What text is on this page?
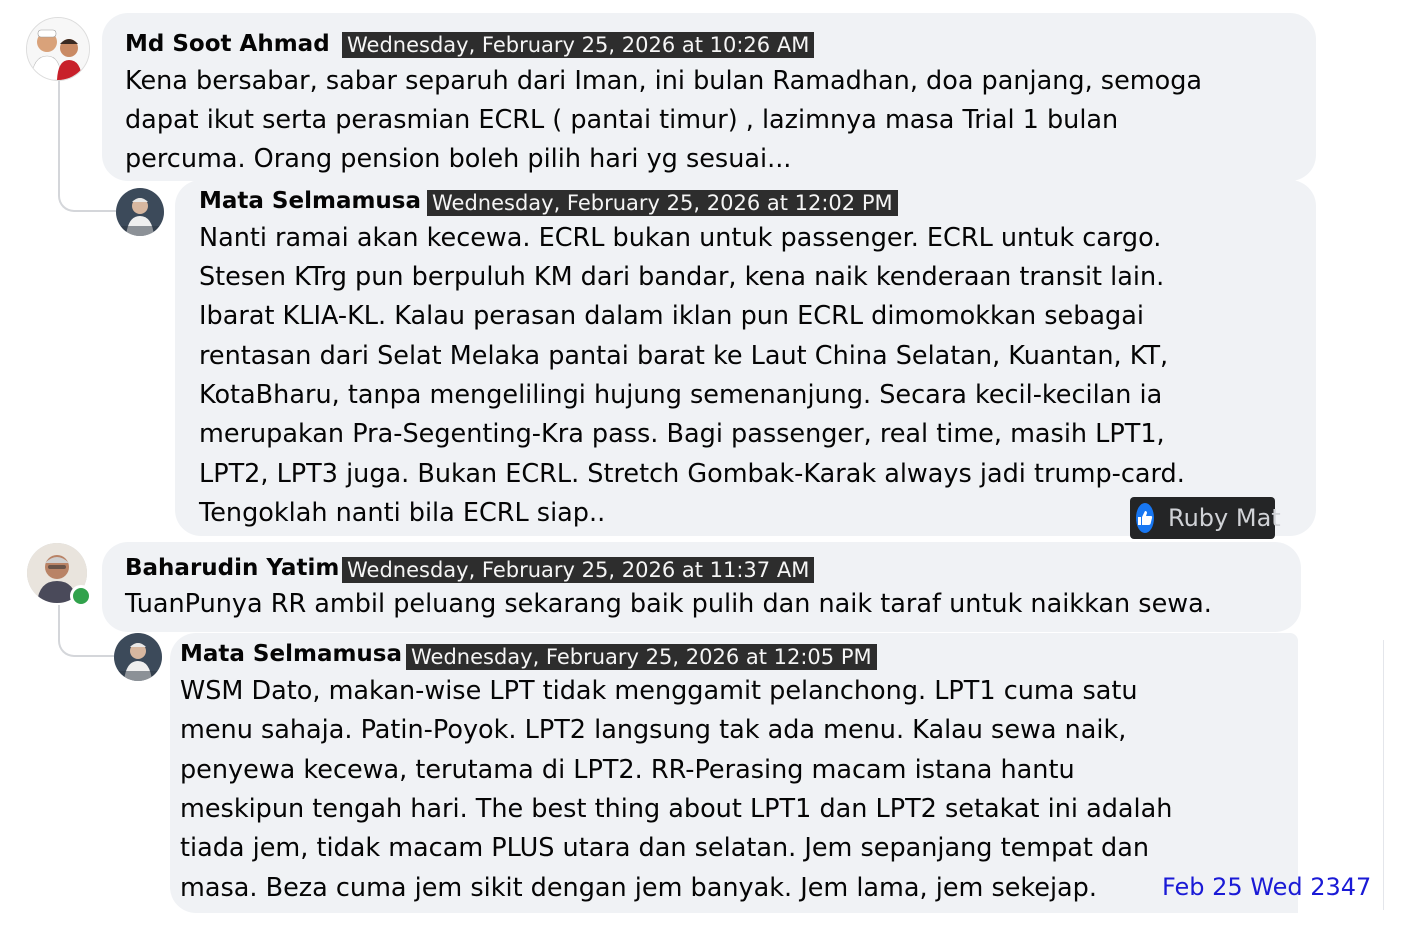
Md Soot Ahmad Wednesday, February 25, 2026 at 10:26 AM
Kena bersabar, sabar separuh dari Iman, ini bulan Ramadhan, doa panjang, semoga
dapat ikut serta perasmian ECRL ( pantai timur) , lazimnya masa Trial 1 bulan
percuma. Orang pension boleh pilih hari yg sesuai...
Mata Selmamusa Wednesday, February 25, 2026 at 12:02 PM
Nanti ramai akan kecewa. ECRL bukan untuk passenger. ECRL untuk cargo.
Stesen KTrg pun berpuluh KM dari bandar, kena naik kenderaan transit lain.
Ibarat KLIA-KL. Kalau perasan dalam iklan pun ECRL dimomokkan sebagai
rentasan dari Selat Melaka pantai barat ke Laut China Selatan, Kuantan, KT,
KotaBharu, tanpa mengelilingi hujung semenanjung. Secara kecil-kecilan ia
merupakan Pra-Segenting-Kra pass. Bagi passenger, real time, masih LPT1,
LPT2, LPT3 juga. Bukan ECRL. Stretch Gombak-Karak always jadi trump-card.
Tengoklah nanti bila ECRL siap..	Ruby Mat
Baharudin Yatim Wednesday, February 25, 2026 at 11:37 AM
TuanPunya RR ambil peluang sekarang baik pulih dan naik taraf untuk naikkan sewa.
Mata Selmamusa Wednesday, February 25, 2026 at 12:05 PM
WSM Dato, makan-wise LPT tidak menggamit pelanchong. LPT1 cuma satu
menu sahaja. Patin-Poyok. LPT2 langsung tak ada menu. Kalau sewa naik,
penyewa kecewa, terutama di LPT2. RR-Perasing macam istana hantu
meskipun tengah hari. The best thing about LPT1 dan LPT2 setakat ini adalah
tiada jem, tidak macam PLUS utara dan selatan. Jem sepanjang tempat dan
masa. Beza cuma jem sikit dengan jem banyak. Jem lama, jem sekejap.	Feb 25 Wed 2347
